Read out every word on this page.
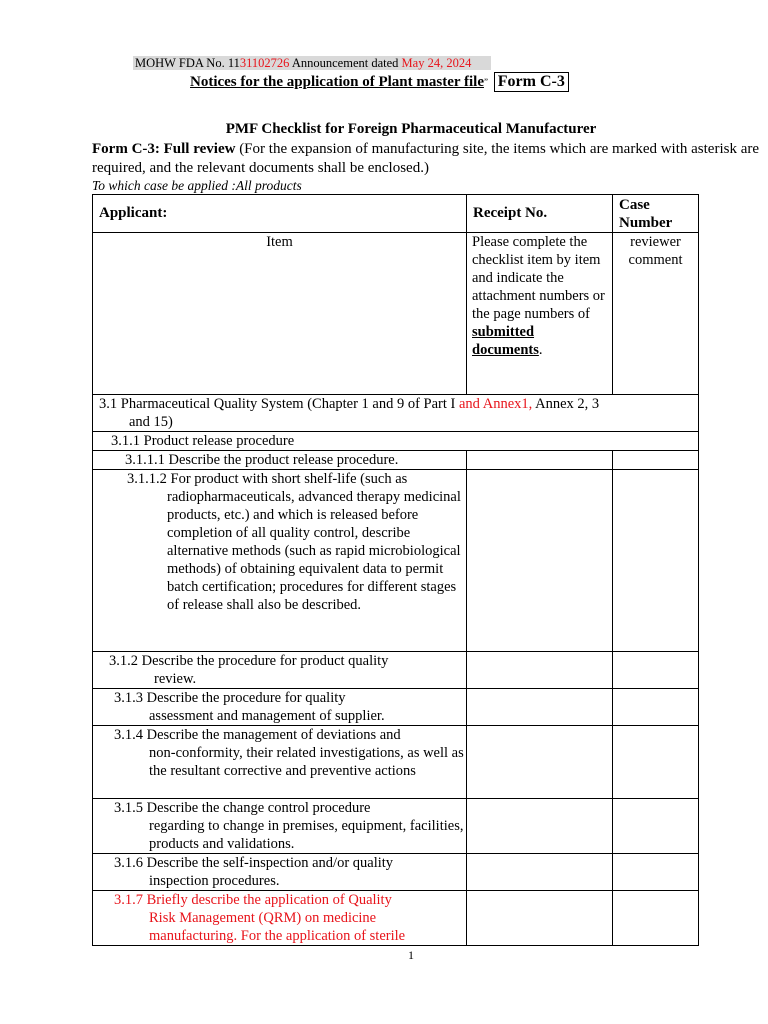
MOHW FDA No. 1131102726 Announcement dated May 24, 2024
Notices for the application of Plant master file” Form C-3
PMF Checklist for Foreign Pharmaceutical Manufacturer
Form C-3: Full review (For the expansion of manufacturing site, the items which are marked with asterisk are required, and the relevant documents shall be enclosed.)
To which case be applied :All products
Applicant:	Receipt No.	Case Number
Item	Please complete the checklist item by item and indicate the attachment numbers or the page numbers of submitted documents.	reviewer comment
3.1 Pharmaceutical Quality System (Chapter 1 and 9 of Part I and Annex1, Annex 2, 3
and 15)		

3.1.1 Product release procedure		
3.1.1.1 Describe the product release procedure.		
3.1.1.2 For product with short shelf-life (such as
radiopharmaceuticals, advanced therapy medicinal products, etc.) and which is released before completion of all quality control, describe alternative methods (such as rapid microbiological methods) of obtaining equivalent data to permit batch certification; procedures for different stages of release shall also be described.		

3.1.2 Describe the procedure for product quality
review.		

3.1.3 Describe the procedure for quality
assessment and management of supplier.		

3.1.4 Describe the management of deviations and
non-conformity, their related investigations, as well as the resultant corrective and preventive actions		

3.1.5 Describe the change control procedure
regarding to change in premises, equipment, facilities, products and validations.		

3.1.6 Describe the self-inspection and/or quality
inspection procedures.		

3.1.7 Briefly describe the application of Quality
Risk Management (QRM) on medicine manufacturing. For the application of sterile		

1
